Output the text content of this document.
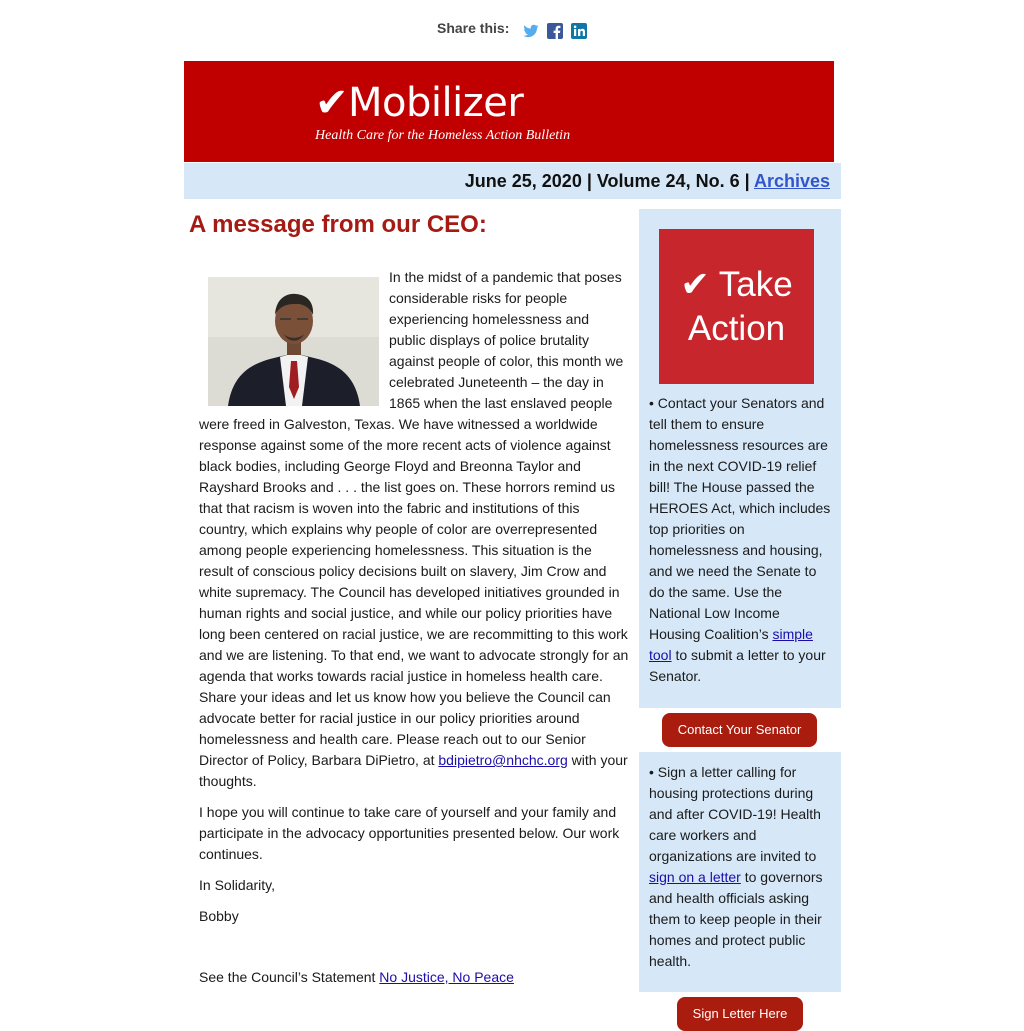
Share this:
✔Mobilizer
Health Care for the Homeless Action Bulletin
June 25, 2020 | Volume 24, No. 6 | Archives
A message from our CEO:

In the midst of a pandemic that poses considerable risks for people experiencing homelessness and public displays of police brutality against people of color, this month we celebrated Juneteenth – the day in 1865 when the last enslaved people were freed in Galveston, Texas. We have witnessed a worldwide response against some of the more recent acts of violence against black bodies, including George Floyd and Breonna Taylor and Rayshard Brooks and . . . the list goes on. These horrors remind us that that racism is woven into the fabric and institutions of this country, which explains why people of color are overrepresented among people experiencing homelessness. This situation is the result of conscious policy decisions built on slavery, Jim Crow and white supremacy. The Council has developed initiatives grounded in human rights and social justice, and while our policy priorities have long been centered on racial justice, we are recommitting to this work and we are listening. To that end, we want to advocate strongly for an agenda that works towards racial justice in homeless health care. Share your ideas and let us know how you believe the Council can advocate better for racial justice in our policy priorities around homelessness and health care. Please reach out to our Senior Director of Policy, Barbara DiPietro, at bdipietro@nhchc.org with your thoughts.

I hope you will continue to take care of yourself and your family and participate in the advocacy opportunities presented below. Our work continues.

In Solidarity,

Bobby

See the Council’s Statement No Justice, No Peace
✔ Take
Action
• Contact your Senators and tell them to ensure homelessness resources are in the next COVID-19 relief bill! The House passed the HEROES Act, which includes top priorities on homelessness and housing, and we need the Senate to do the same. Use the National Low Income Housing Coalition’s simple tool to submit a letter to your Senator.
Contact Your Senator
• Sign a letter calling for housing protections during and after COVID-19! Health care workers and organizations are invited to sign on a letter to governors and health officials asking them to keep people in their homes and protect public health.
Sign Letter Here
